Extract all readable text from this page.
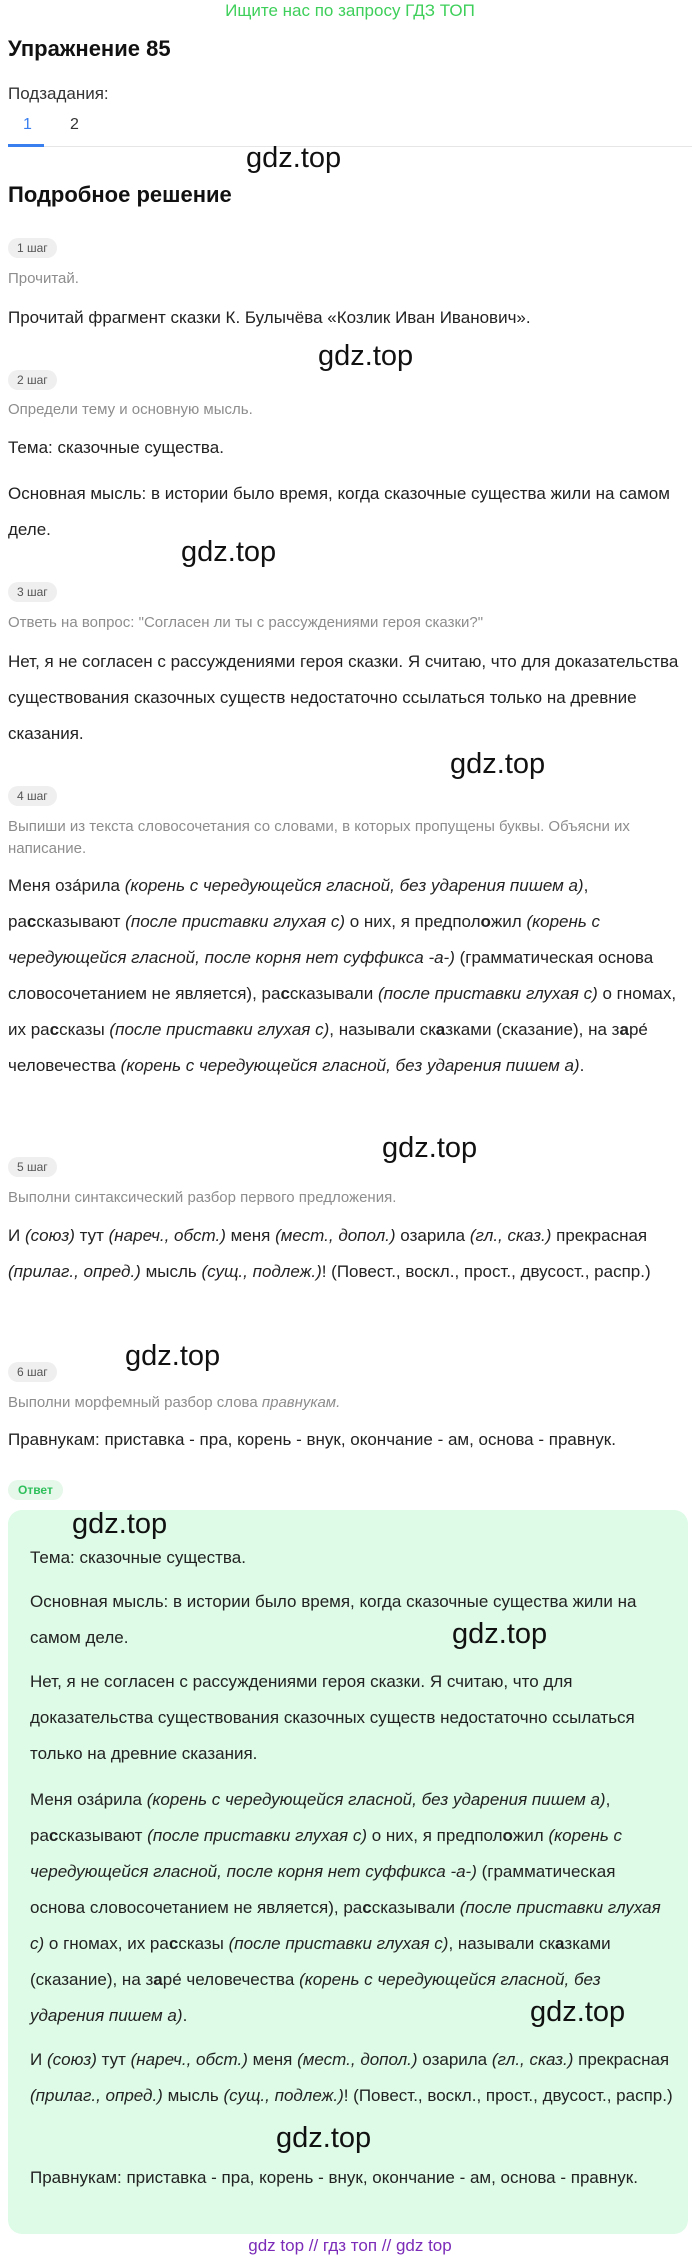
Ищите нас по запросу ГДЗ ТОП
Упражнение 85
Подзадания:
1 2
gdz.top
Подробное решение
1 шаг
Прочитай.
Прочитай фрагмент сказки К. Булычёва «Козлик Иван Иванович».
gdz.top
2 шаг
Определи тему и основную мысль.
Тема: сказочные существа.
Основная мысль: в истории было время, когда сказочные существа жили на самом деле.
gdz.top
3 шаг
Ответь на вопрос: "Согласен ли ты с рассуждениями героя сказки?"
Нет, я не согласен с рассуждениями героя сказки. Я считаю, что для доказательства существования сказочных существ недостаточно ссылаться только на древние сказания.
gdz.top
4 шаг
Выпиши из текста словосочетания со словами, в которых пропущены буквы. Объясни их написание.
Меня оза́рила (корень с чередующейся гласной, без ударения пишем а), рассказывают (после приставки глухая с) о них, я предположил (корень с чередующейся гласной, после корня нет суффикса -а-) (грамматическая основа словосочетанием не является), рассказывали (после приставки глухая с) о гномах, их рассказы (после приставки глухая с), называли сказками (сказание), на заре́ человечества (корень с чередующейся гласной, без ударения пишем а).
gdz.top
5 шаг
Выполни синтаксический разбор первого предложения.
И (союз) тут (нареч., обст.) меня (мест., допол.) озарила (гл., сказ.) прекрасная (прилаг., опред.) мысль (сущ., подлеж.)! (Повест., воскл., прост., двусост., распр.)
gdz.top
6 шаг
Выполни морфемный разбор слова правнукам.
Правнукам: приставка - пра, корень - внук, окончание - ам, основа - правнук.
Ответ
gdz.top
Тема: сказочные существа.
Основная мысль: в истории было время, когда сказочные существа жили на самом деле.	gdz.top
Нет, я не согласен с рассуждениями героя сказки. Я считаю, что для доказательства существования сказочных существ недостаточно ссылаться только на древние сказания.
Меня оза́рила (корень с чередующейся гласной, без ударения пишем а), рассказывают (после приставки глухая с) о них, я предположил (корень с чередующейся гласной, после корня нет суффикса -а-) (грамматическая основа словосочетанием не является), рассказывали (после приставки глухая с) о гномах, их рассказы (после приставки глухая с), называли сказками (сказание), на заре́ человечества (корень с чередующейся гласной, без ударения пишем а).	gdz.top
И (союз) тут (нареч., обст.) меня (мест., допол.) озарила (гл., сказ.) прекрасная (прилаг., опред.) мысль (сущ., подлеж.)! (Повест., воскл., прост., двусост., распр.)
gdz.top
Правнукам: приставка - пра, корень - внук, окончание - ам, основа - правнук.
gdz top // гдз топ // gdz top
